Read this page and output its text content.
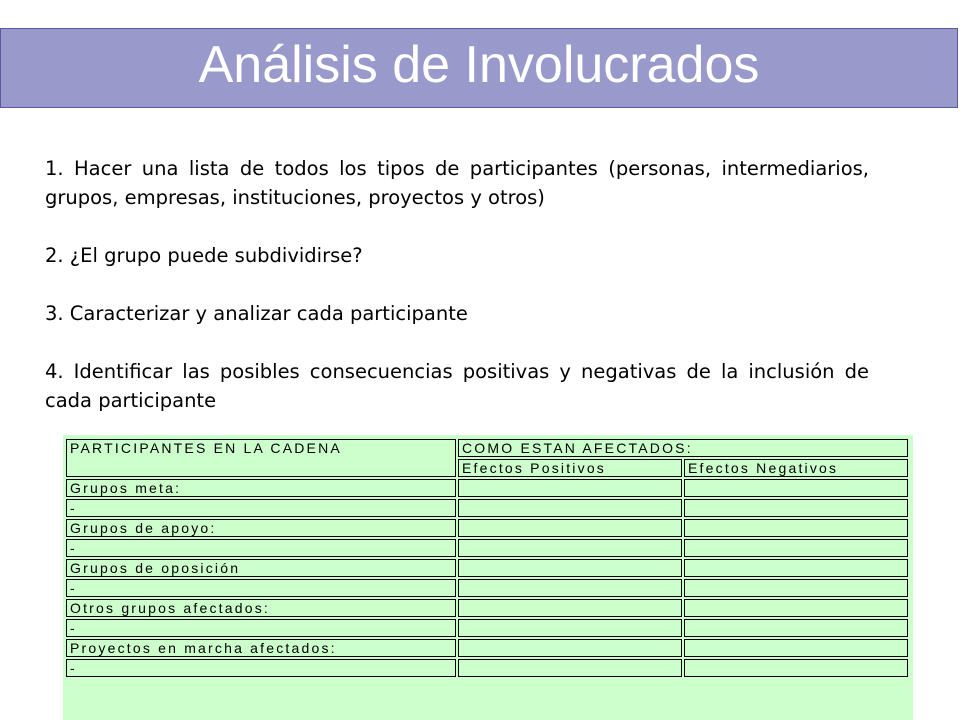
Análisis de Involucrados

1. Hacer una lista de todos los tipos de participantes (personas, intermediarios, grupos, empresas, instituciones, proyectos y otros)

2. ¿El grupo puede subdividirse?

3. Caracterizar y analizar cada participante

4. Identificar las posibles consecuencias positivas y negativas de la inclusión de cada participante

PARTICIPANTES EN LA CADENA	COMO ESTAN AFECTADOS:	
	Efectos Positivos	Efectos Negativos
Grupos meta:		
-		
Grupos de apoyo:		
-		
Grupos de oposición		
-		
Otros grupos afectados:		
-		
Proyectos en marcha afectados:		
-		
